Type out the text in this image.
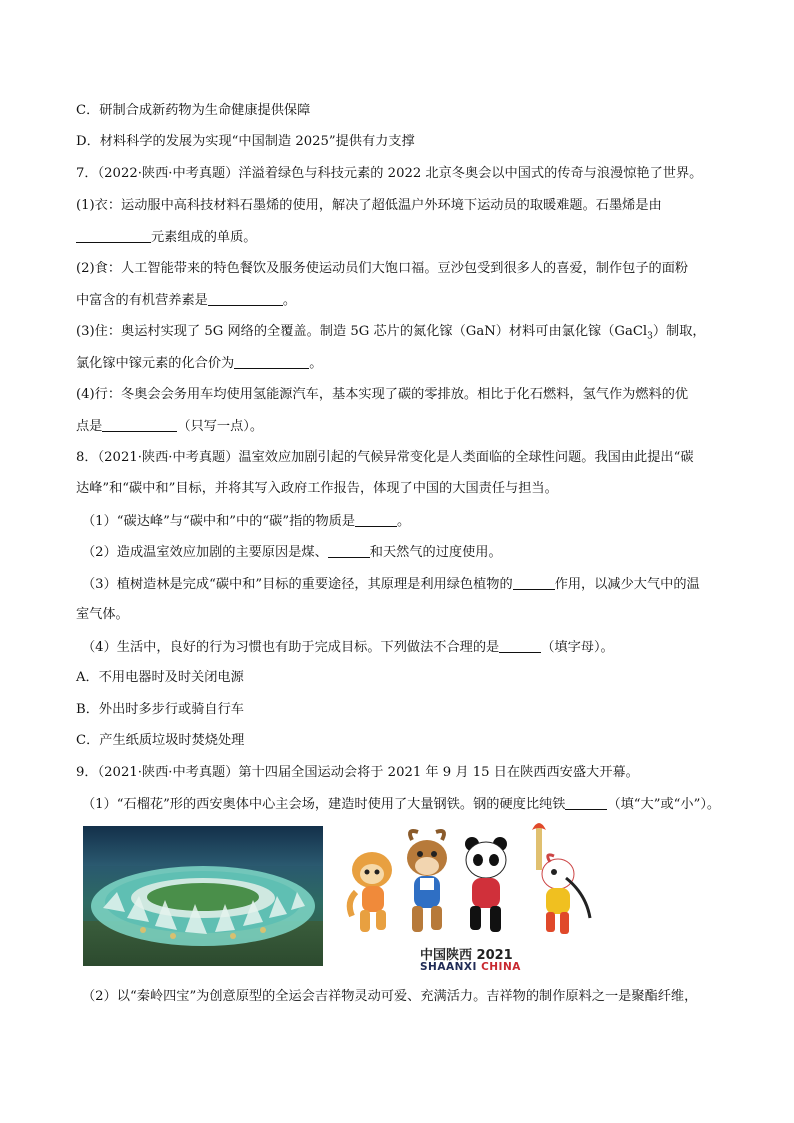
C．研制合成新药物为生命健康提供保障
D．材料科学的发展为实现“中国制造 2025”提供有力支撑
7．（2022·陕西·中考真题）洋溢着绿色与科技元素的 2022 北京冬奥会以中国式的传奇与浪漫惊艳了世界。
(1)衣：运动服中高科技材料石墨烯的使用，解决了超低温户外环境下运动员的取暖难题。石墨烯是由
元素组成的单质。
(2)食：人工智能带来的特色餐饮及服务使运动员们大饱口福。豆沙包受到很多人的喜爱，制作包子的面粉
中富含的有机营养素是	。
(3)住：奥运村实现了 5G 网络的全覆盖。制造 5G 芯片的氮化镓（GaN）材料可由氯化镓（GaCl$_3$）制取，
氯化镓中镓元素的化合价为	。
(4)行：冬奥会会务用车均使用氢能源汽车，基本实现了碳的零排放。相比于化石燃料，氢气作为燃料的优
点是	（只写一点）。
8．（2021·陕西·中考真题）温室效应加剧引起的气候异常变化是人类面临的全球性问题。我国由此提出“碳
达峰”和“碳中和”目标，并将其写入政府工作报告，体现了中国的大国责任与担当。
（1）“碳达峰”与“碳中和”中的“碳”指的物质是	。
（2）造成温室效应加剧的主要原因是煤、	和天然气的过度使用。
（3）植树造林是完成“碳中和”目标的重要途径，其原理是利用绿色植物的	作用，以减少大气中的温
室气体。
（4）生活中，良好的行为习惯也有助于完成目标。下列做法不合理的是	（填字母）。
A．不用电器时及时关闭电源
B．外出时多步行或骑自行车
C．产生纸质垃圾时焚烧处理
9．（2021·陕西·中考真题）第十四届全国运动会将于 2021 年 9 月 15 日在陕西西安盛大开幕。
（1）“石榴花”形的西安奥体中心主会场，建造时使用了大量钢铁。钢的硬度比纯铁	（填“大”或“小”）。
中国陕西 2021
SHAANXI CHINA
（2）以“秦岭四宝”为创意原型的全运会吉祥物灵动可爱、充满活力。吉祥物的制作原料之一是聚酯纤维，
